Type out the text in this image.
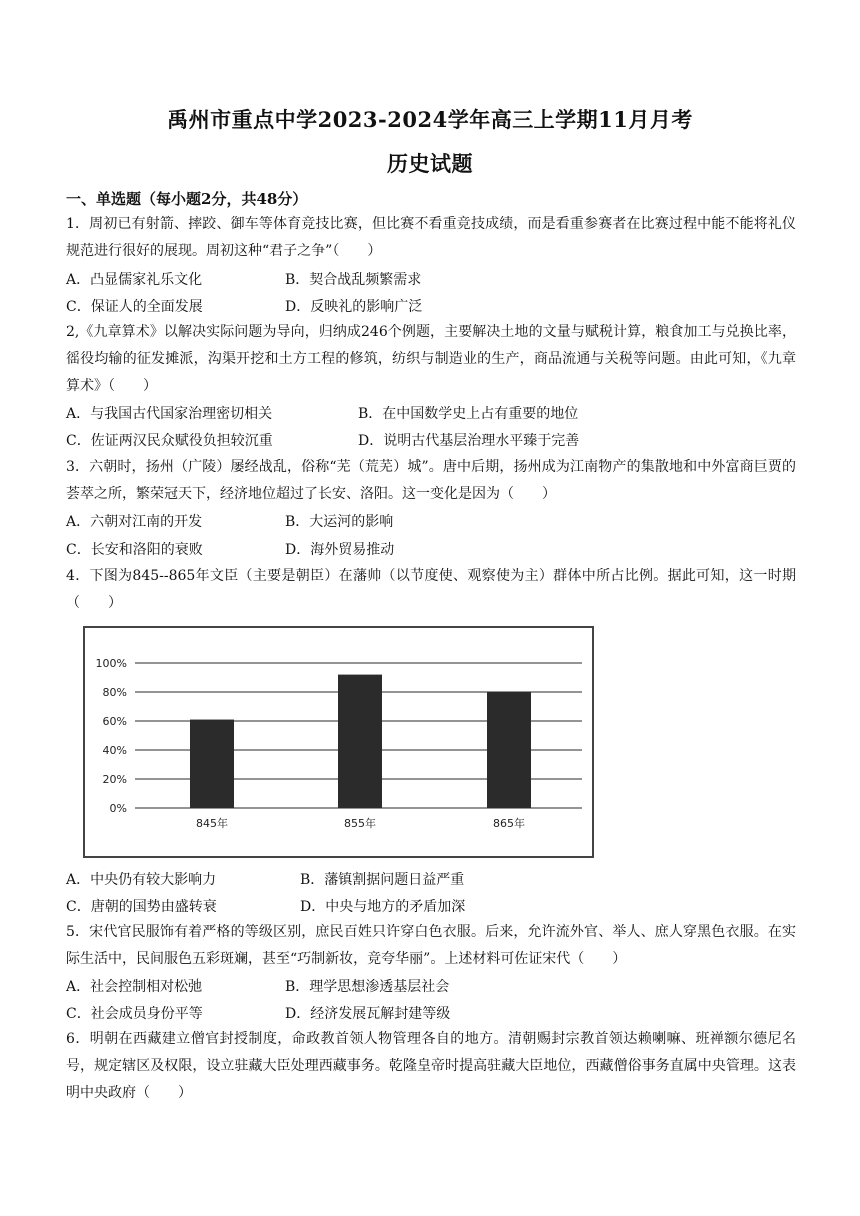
禹州市重点中学2023-2024学年高三上学期11月月考
历史试题
一、单选题（每小题2分，共48分）
1．周初已有射箭、摔跤、御车等体育竞技比赛，但比赛不看重竞技成绩，而是看重参赛者在比赛过程中能不能将礼仪规范进行很好的展现。周初这种“君子之争”（　　）
A．凸显儒家礼乐文化	B．契合战乱频繁需求
C．保证人的全面发展	D．反映礼的影响广泛
2,《九章算术》以解决实际问题为导向，归纳成246个例题，主要解决土地的文量与赋税计算，粮食加工与兑换比率，徭役均输的征发摊派，沟渠开挖和土方工程的修筑，纺织与制造业的生产，商品流通与关税等问题。由此可知，《九章算术》（　　）
A．与我国古代国家治理密切相关	B．在中国数学史上占有重要的地位
C．佐证两汉民众赋役负担较沉重	D．说明古代基层治理水平臻于完善
3．六朝时，扬州（广陵）屡经战乱，俗称“芜（荒芜）城”。唐中后期，扬州成为江南物产的集散地和中外富商巨贾的荟萃之所，繁荣冠天下，经济地位超过了长安、洛阳。这一变化是因为（　　）
A．六朝对江南的开发	B．大运河的影响
C．长安和洛阳的衰败	D．海外贸易推动
4．下图为845--865年文臣（主要是朝臣）在藩帅（以节度使、观察使为主）群体中所占比例。据此可知，这一时期（　　）
0%
20%
40%
60%
80%
100%
845年	855年	865年
A．中央仍有较大影响力	B．藩镇割据问题日益严重
C．唐朝的国势由盛转衰	D．中央与地方的矛盾加深
5．宋代官民服饰有着严格的等级区别，庶民百姓只许穿白色衣服。后来，允许流外官、举人、庶人穿黑色衣服。在实际生活中，民间服色五彩斑斓，甚至“巧制新妆，竞夸华丽”。上述材料可佐证宋代（　　）
A．社会控制相对松弛	B．理学思想渗透基层社会
C．社会成员身份平等	D．经济发展瓦解封建等级
6．明朝在西藏建立僧官封授制度，命政教首领人物管理各自的地方。清朝赐封宗教首领达赖喇嘛、班禅额尔德尼名号，规定辖区及权限，设立驻藏大臣处理西藏事务。乾隆皇帝时提高驻藏大臣地位，西藏僧俗事务直属中央管理。这表明中央政府（　　）
